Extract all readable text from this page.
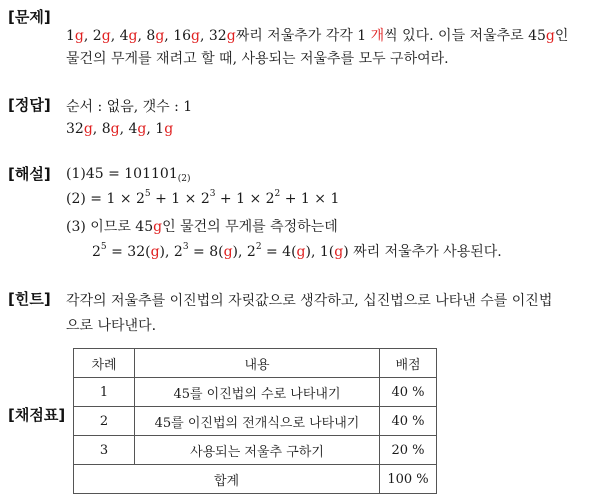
[문제]
[정답]
[해설]
[힌트]
[채점표]
1g, 2g, 4g, 8g, 16g, 32g짜리 저울추가 각각 1 개씩 있다. 이들 저울추로 45g인
물건의 무게를 재려고 할 때, 사용되는 저울추를 모두 구하여라.
순서 : 없음, 갯수 : 1
32g, 8g, 4g, 1g
$(1)45 = 101101_{(2)}$
$(2) = 1 \times 2^5 + 1 \times 2^3 + 1 \times 2^2 + 1 \times 1$
(3) 이므로 45g인 물건의 무게를 측정하는데
$2^5 = 32(g)$, $2^3 = 8(g)$, $2^2 = 4(g)$, 1(g) 짜리 저울추가 사용된다.
각각의 저울추를 이진법의 자릿값으로 생각하고, 십진법으로 나타낸 수를 이진법
으로 나타낸다.
차례	내용	배점
1	45를 이진법의 수로 나타내기	40 %
2	45를 이진법의 전개식으로 나타내기	40 %
3	사용되는 저울추 구하기	20 %
합계		100 %
